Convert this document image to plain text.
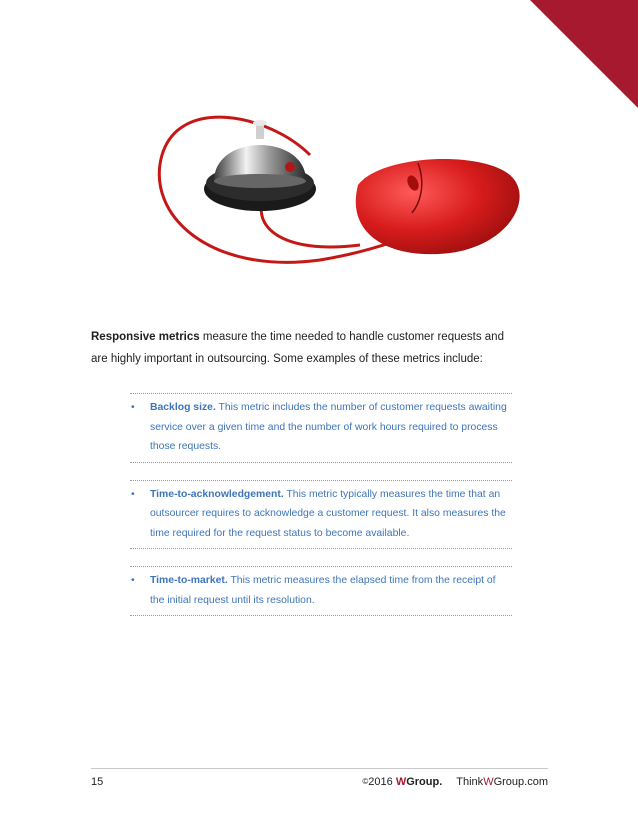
Responsive metrics measure the time needed to handle customer requests and
are highly important in outsourcing. Some examples of these metrics include:
•	Backlog size. This metric includes the number of customer requests awaiting service over a given time and the number of work hours required to process those requests.
•	Time-to-acknowledgement. This metric typically measures the time that an outsourcer requires to acknowledge a customer request. It also measures the time required for the request status to become available.
•	Time-to-market. This metric measures the elapsed time from the receipt of the initial request until its resolution.
15	©2016 WGroup. ThinkWGroup.com
